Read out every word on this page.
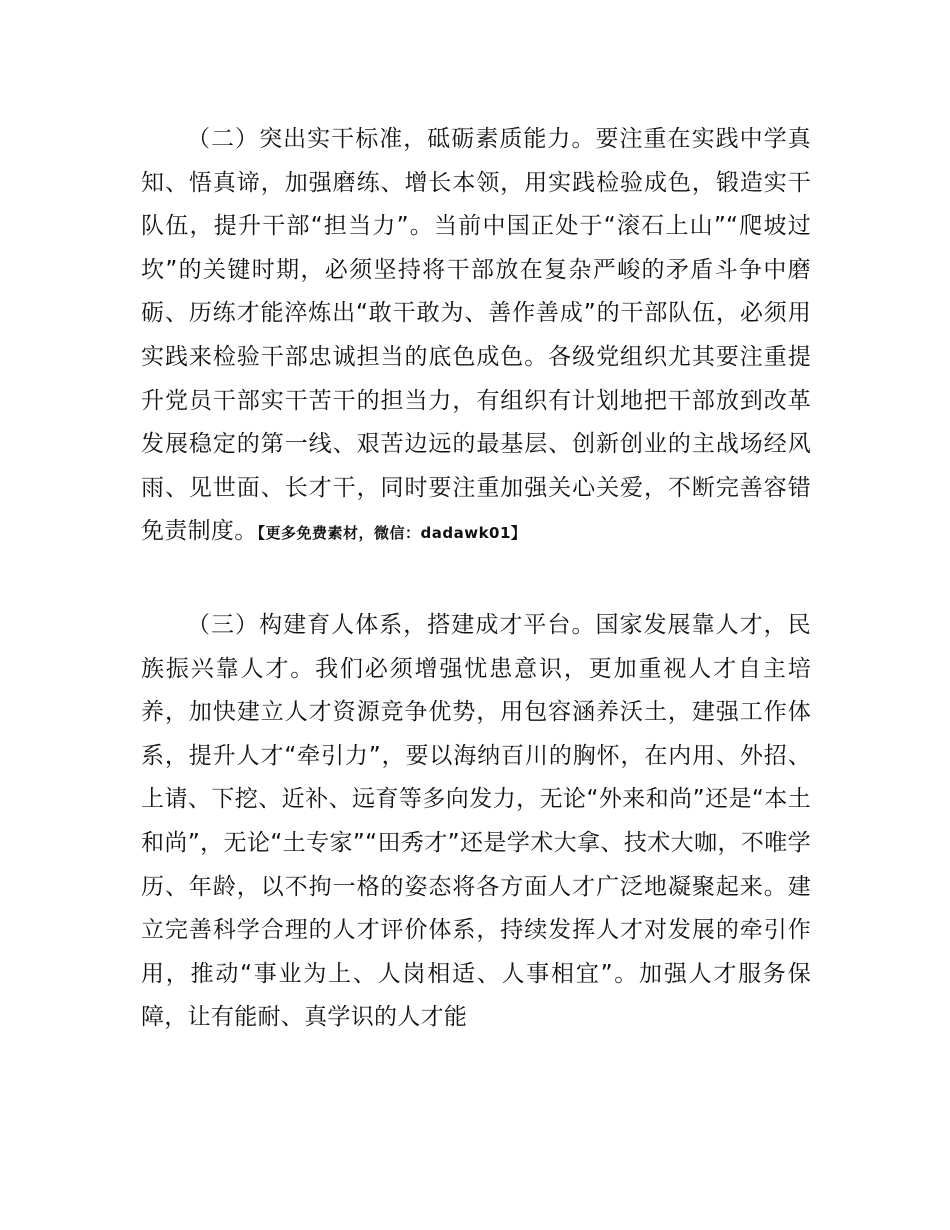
（二）突出实干标准，砥砺素质能力。要注重在实践中学真知、悟真谛，加强磨练、增长本领，用实践检验成色，锻造实干队伍，提升干部“担当力”。当前中国正处于“滚石上山”“爬坡过坎”的关键时期，必须坚持将干部放在复杂严峻的矛盾斗争中磨砺、历练才能淬炼出“敢干敢为、善作善成”的干部队伍，必须用实践来检验干部忠诚担当的底色成色。各级党组织尤其要注重提升党员干部实干苦干的担当力，有组织有计划地把干部放到改革发展稳定的第一线、艰苦边远的最基层、创新创业的主战场经风雨、见世面、长才干，同时要注重加强关心关爱，不断完善容错免责制度。【更多免费素材，微信：dadawk01】

（三）构建育人体系，搭建成才平台。国家发展靠人才，民族振兴靠人才。我们必须增强忧患意识，更加重视人才自主培养，加快建立人才资源竞争优势，用包容涵养沃土，建强工作体系，提升人才“牵引力”，要以海纳百川的胸怀，在内用、外招、上请、下挖、近补、远育等多向发力，无论“外来和尚”还是“本土和尚”，无论“土专家”“田秀才”还是学术大拿、技术大咖，不唯学历、年龄，以不拘一格的姿态将各方面人才广泛地凝聚起来。建立完善科学合理的人才评价体系，持续发挥人才对发展的牵引作用，推动“事业为上、人岗相适、人事相宜”。加强人才服务保障，让有能耐、真学识的人才能
